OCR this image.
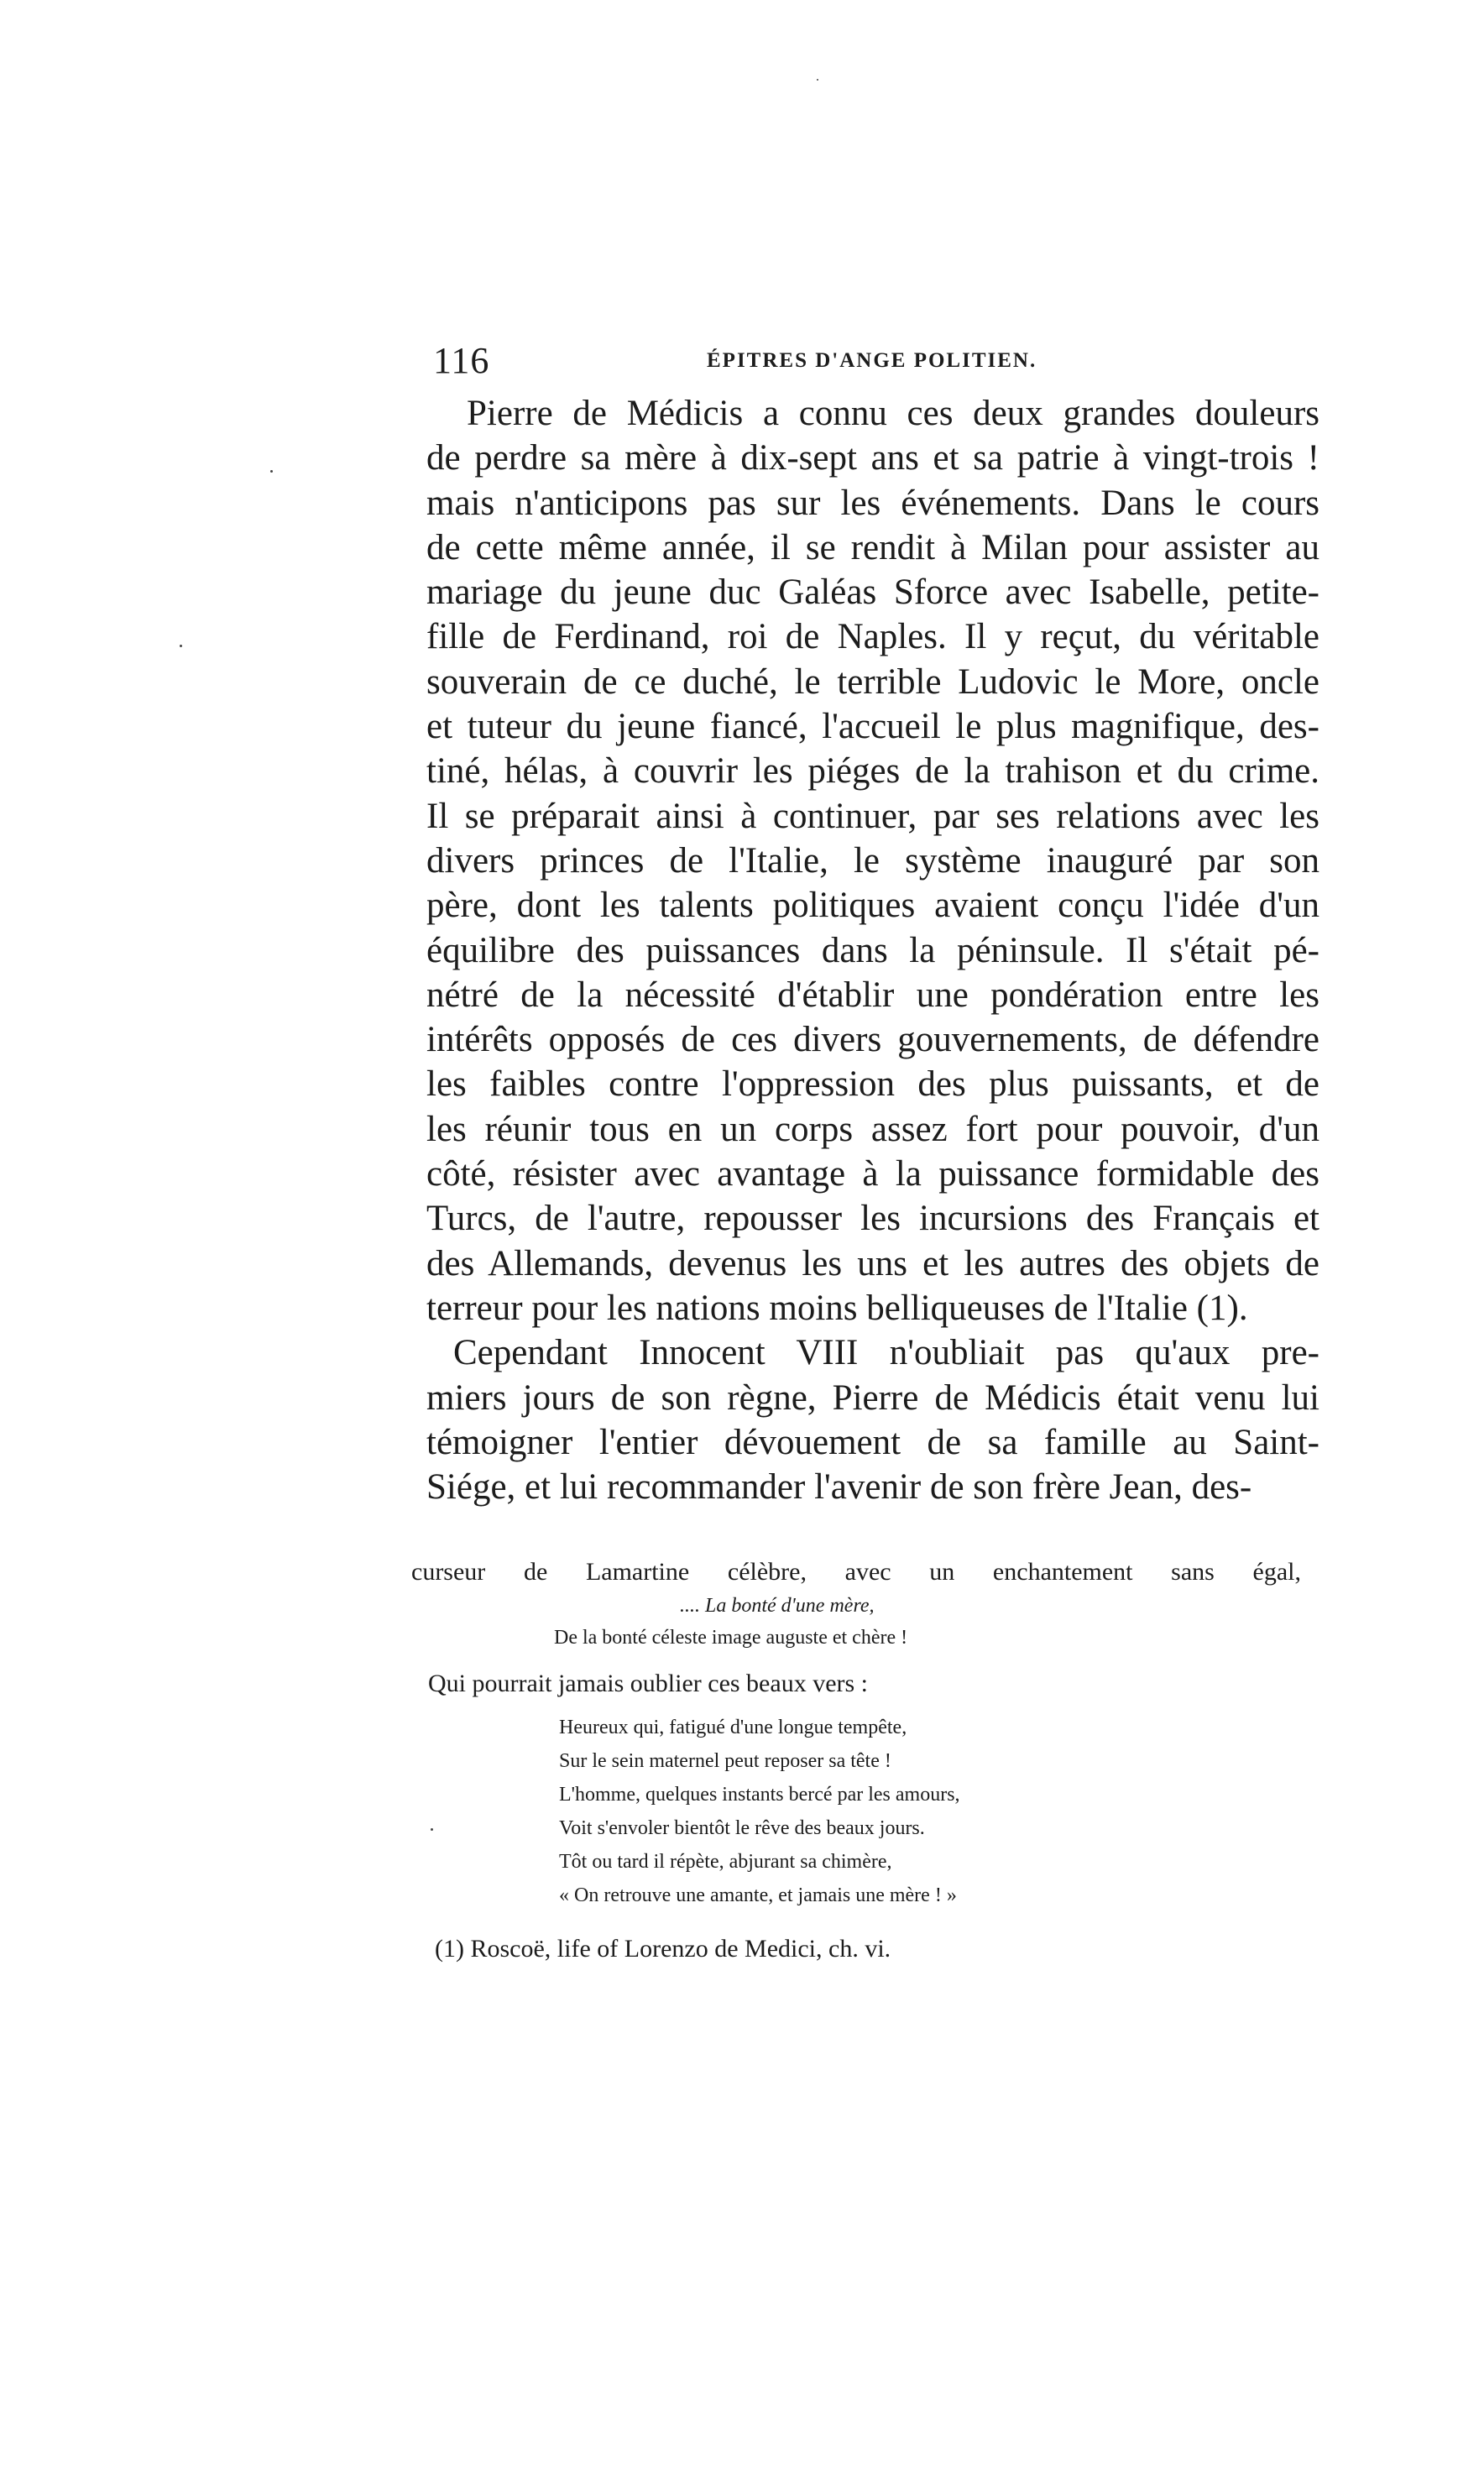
116	ÉPITRES D'ANGE POLITIEN.
Pierre de Médicis a connu ces deux grandes douleurs
de perdre sa mère à dix-sept ans et sa patrie à vingt-trois !
mais n'anticipons pas sur les événements. Dans le cours
de cette même année, il se rendit à Milan pour assister au
mariage du jeune duc Galéas Sforce avec Isabelle, petite-
fille de Ferdinand, roi de Naples. Il y reçut, du véritable
souverain de ce duché, le terrible Ludovic le More, oncle
et tuteur du jeune fiancé, l'accueil le plus magnifique, des-
tiné, hélas, à couvrir les piéges de la trahison et du crime.
Il se préparait ainsi à continuer, par ses relations avec les
divers princes de l'Italie, le système inauguré par son
père, dont les talents politiques avaient conçu l'idée d'un
équilibre des puissances dans la péninsule. Il s'était pé-
nétré de la nécessité d'établir une pondération entre les
intérêts opposés de ces divers gouvernements, de défendre
les faibles contre l'oppression des plus puissants, et de
les réunir tous en un corps assez fort pour pouvoir, d'un
côté, résister avec avantage à la puissance formidable des
Turcs, de l'autre, repousser les incursions des Français et
des Allemands, devenus les uns et les autres des objets de
terreur pour les nations moins belliqueuses de l'Italie (1).
Cependant Innocent VIII n'oubliait pas qu'aux pre-
miers jours de son règne, Pierre de Médicis était venu lui
témoigner l'entier dévouement de sa famille au Saint-
Siége, et lui recommander l'avenir de son frère Jean, des-
curseur de Lamartine célèbre, avec un enchantement sans égal,
.... La bonté d'une mère,
De la bonté céleste image auguste et chère !
Qui pourrait jamais oublier ces beaux vers :
Heureux qui, fatigué d'une longue tempête,
Sur le sein maternel peut reposer sa tête !
L'homme, quelques instants bercé par les amours,
Voit s'envoler bientôt le rêve des beaux jours.
Tôt ou tard il répète, abjurant sa chimère,
« On retrouve une amante, et jamais une mère ! »
(1) Roscoë, life of Lorenzo de Medici, ch. vi.
